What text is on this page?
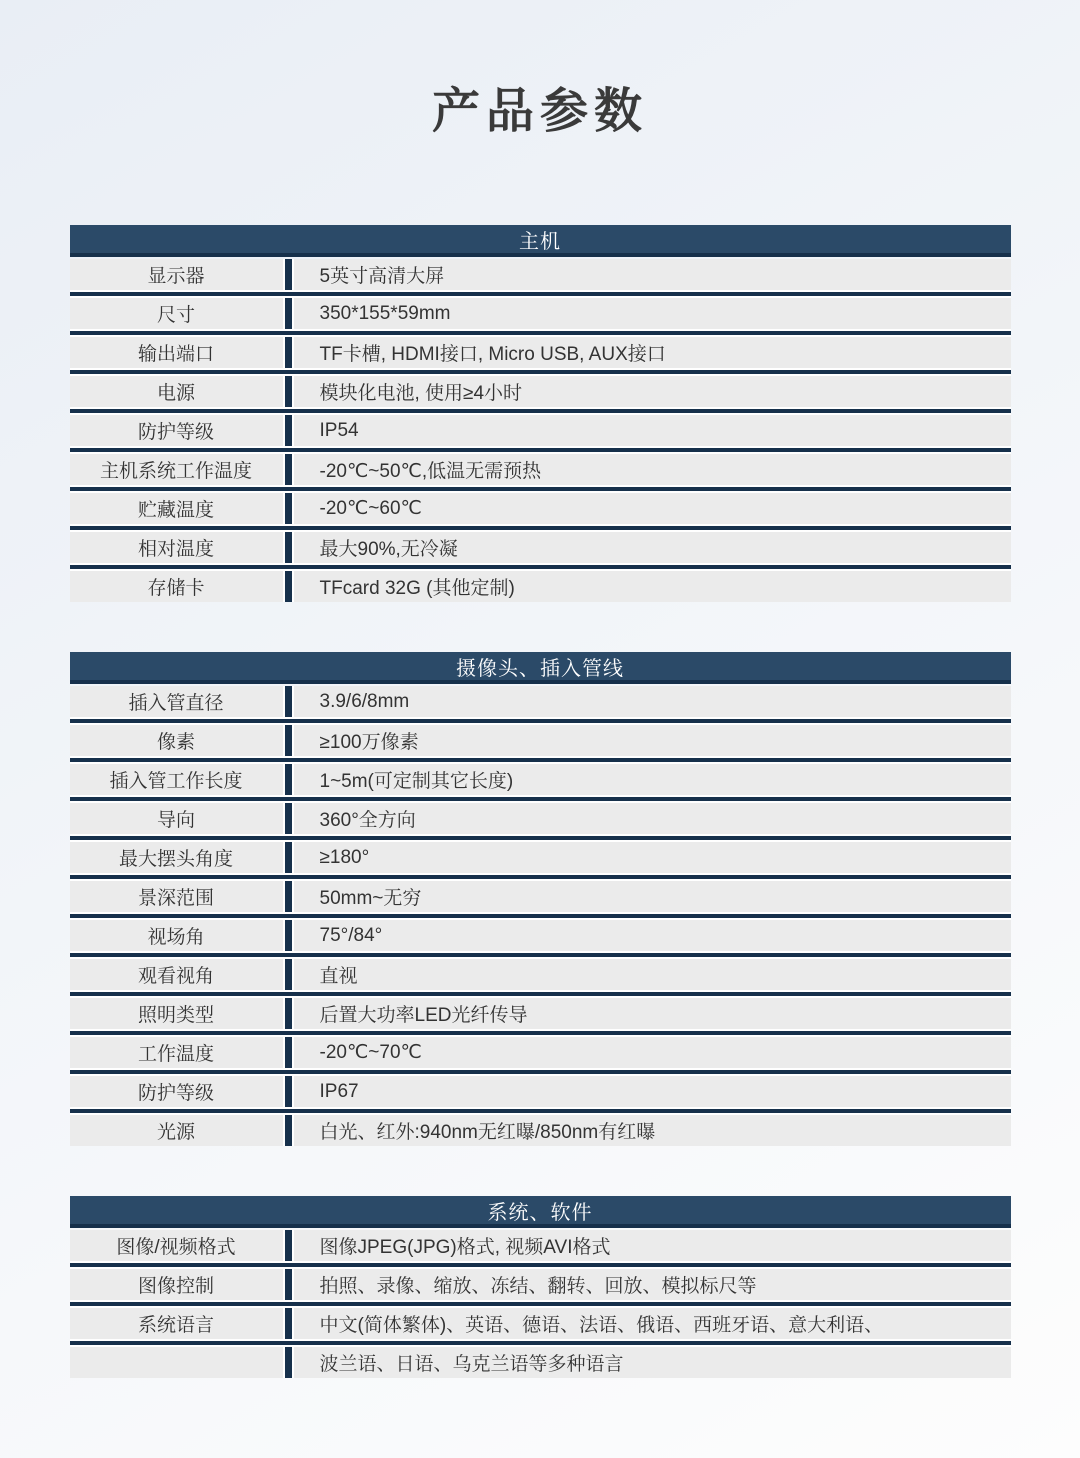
产品参数
主机
显示器	5英寸高清大屏
尺寸	350*155*59mm
输出端口	TF卡槽, HDMI接口, Micro USB, AUX接口
电源	模块化电池, 使用≥4小时
防护等级	IP54
主机系统工作温度	-20℃~50℃,低温无需预热
贮藏温度	-20℃~60℃
相对温度	最大90%,无冷凝
存储卡	TFcard 32G (其他定制)
摄像头、插入管线
插入管直径	3.9/6/8mm
像素	≥100万像素
插入管工作长度	1~5m(可定制其它长度)
导向	360°全方向
最大摆头角度	≥180°
景深范围	50mm~无穷
视场角	75°/84°
观看视角	直视
照明类型	后置大功率LED光纤传导
工作温度	-20℃~70℃
防护等级	IP67
光源	白光、红外:940nm无红曝/850nm有红曝
系统、软件
图像/视频格式	图像JPEG(JPG)格式, 视频AVI格式
图像控制	拍照、录像、缩放、冻结、翻转、回放、模拟标尺等
系统语言	中文(简体繁体)、英语、德语、法语、俄语、西班牙语、意大利语、
波兰语、日语、乌克兰语等多种语言
